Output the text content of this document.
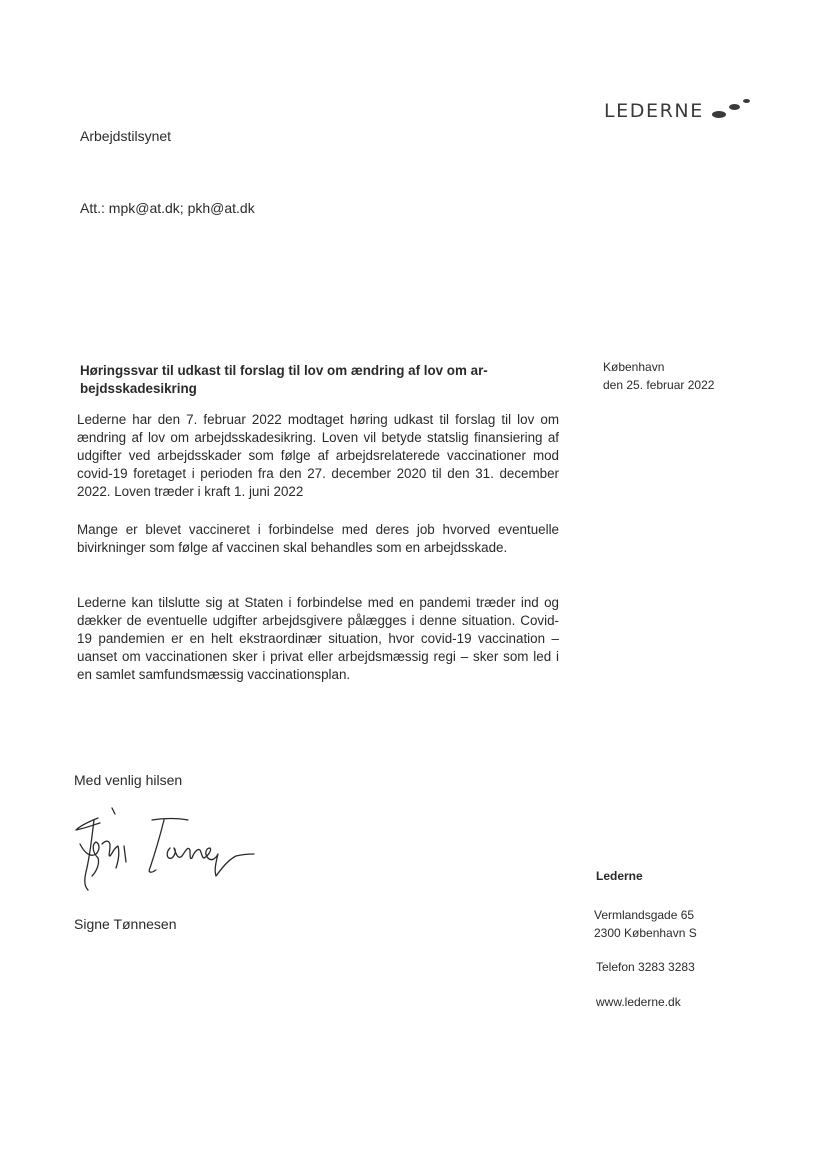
LEDERNE
Arbejdstilsynet
Att.: mpk@at.dk; pkh@at.dk
København
den 25. februar 2022
Høringssvar til udkast til forslag til lov om ændring af lov om ar-
bejdsskadesikring

Lederne har den 7. februar 2022 modtaget høring udkast til forslag til lov om ændring af lov om arbejdsskadesikring. Loven vil betyde statslig finansiering af udgifter ved arbejdsskader som følge af arbejdsrelaterede vaccinationer mod covid-19 foretaget i perioden fra den 27. december 2020 til den 31. december 2022. Loven træder i kraft 1. juni 2022

Mange er blevet vaccineret i forbindelse med deres job hvorved eventuelle bivirkninger som følge af vaccinen skal behandles som en arbejdsskade.

Lederne kan tilslutte sig at Staten i forbindelse med en pandemi træder ind og dækker de eventuelle udgifter arbejdsgivere pålægges i denne situation. Covid-19 pandemien er en helt ekstraordinær situation, hvor covid-19 vaccination – uanset om vaccinationen sker i privat eller arbejdsmæssig regi – sker som led i en samlet samfundsmæssig vaccinationsplan.

Med venlig hilsen
Signe Tønnesen
Lederne
Vermlandsgade 65
2300 København S
Telefon 3283 3283
www.lederne.dk
